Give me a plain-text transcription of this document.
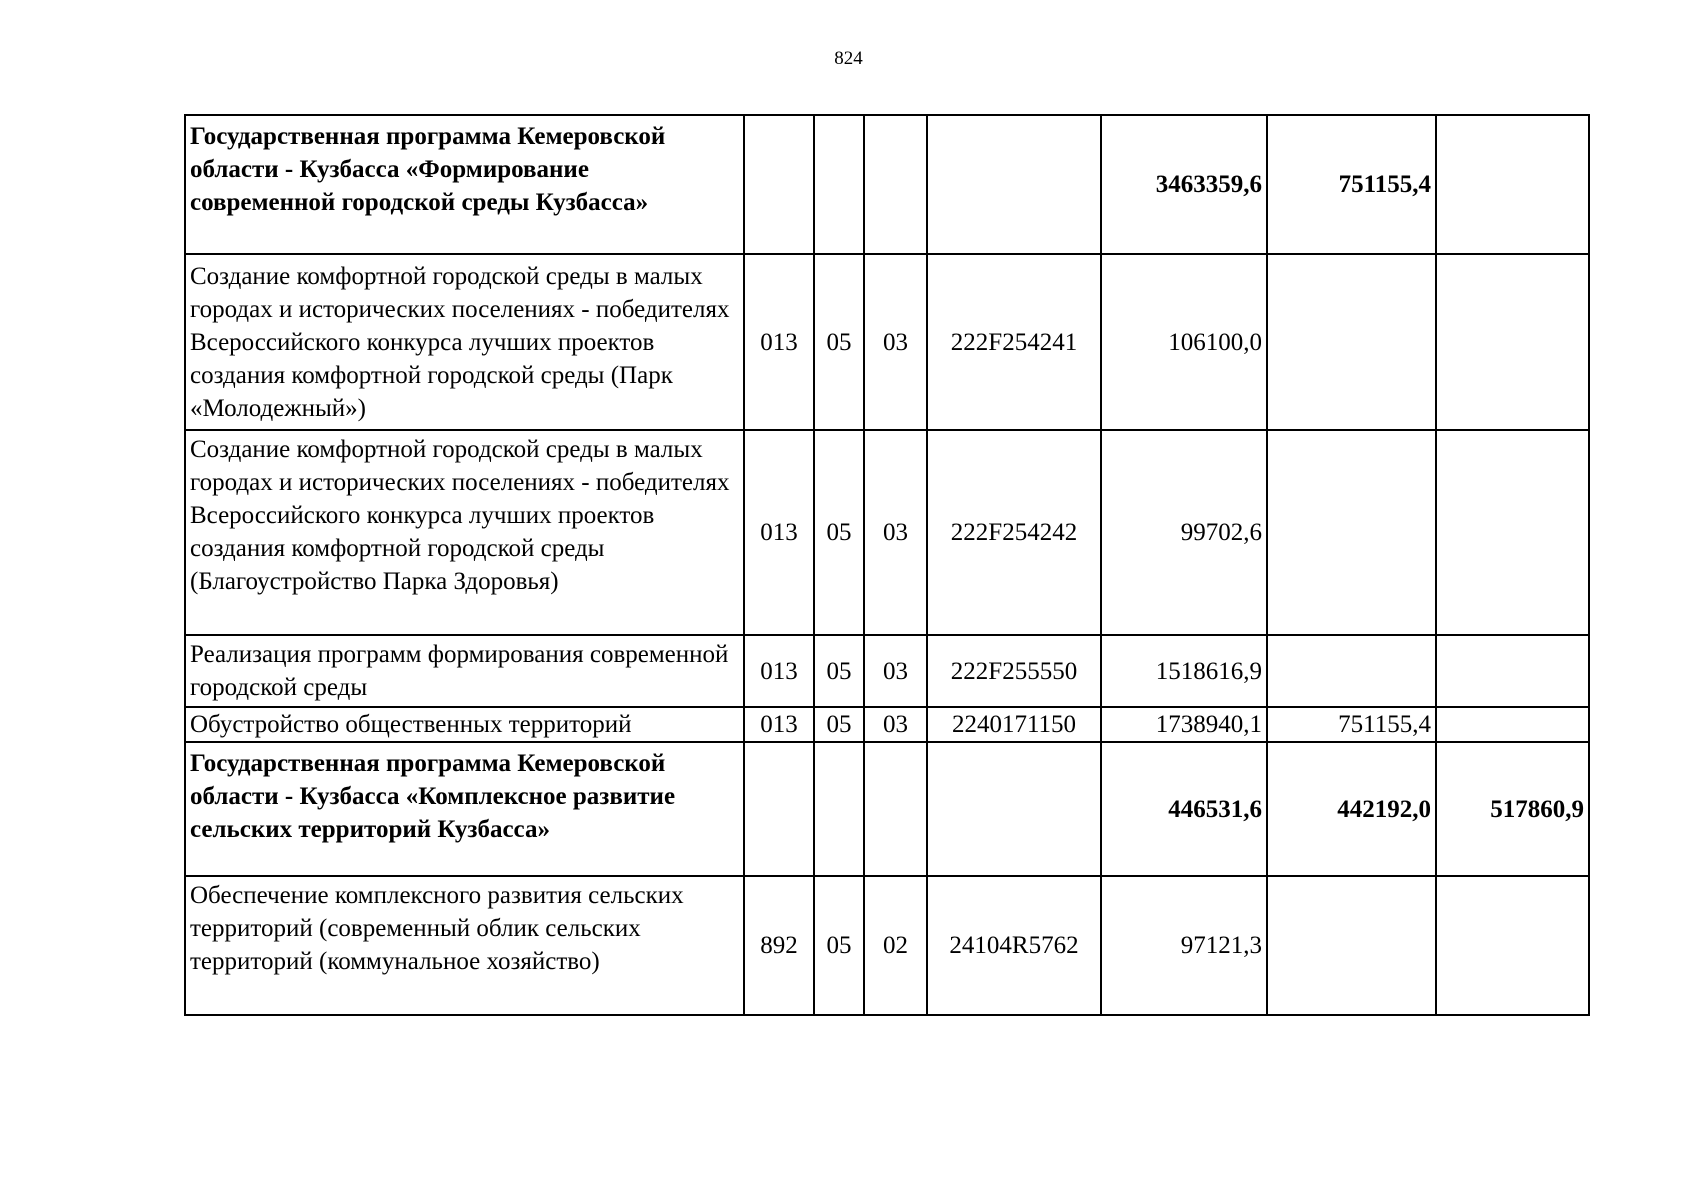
824
Государственная программа Кемеровской области - Кузбасса «Формирование современной городской среды Кузбасса»					3463359,6	751155,4	
Создание комфортной городской среды в малых городах и исторических поселениях - победителях Всероссийского конкурса лучших проектов создания комфортной городской среды (Парк «Молодежный»)	013	05	03	222F254241	106100,0		
Создание комфортной городской среды в малых городах и исторических поселениях - победителях Всероссийского конкурса лучших проектов создания комфортной городской среды (Благоустройство Парка Здоровья)	013	05	03	222F254242	99702,6		
Реализация программ формирования современной городской среды	013	05	03	222F255550	1518616,9		
Обустройство общественных территорий	013	05	03	2240171150	1738940,1	751155,4	
Государственная программа Кемеровской области - Кузбасса «Комплексное развитие сельских территорий Кузбасса»					446531,6	442192,0	517860,9
Обеспечение комплексного развития сельских территорий (современный облик сельских территорий (коммунальное хозяйство)	892	05	02	24104R5762	97121,3		
